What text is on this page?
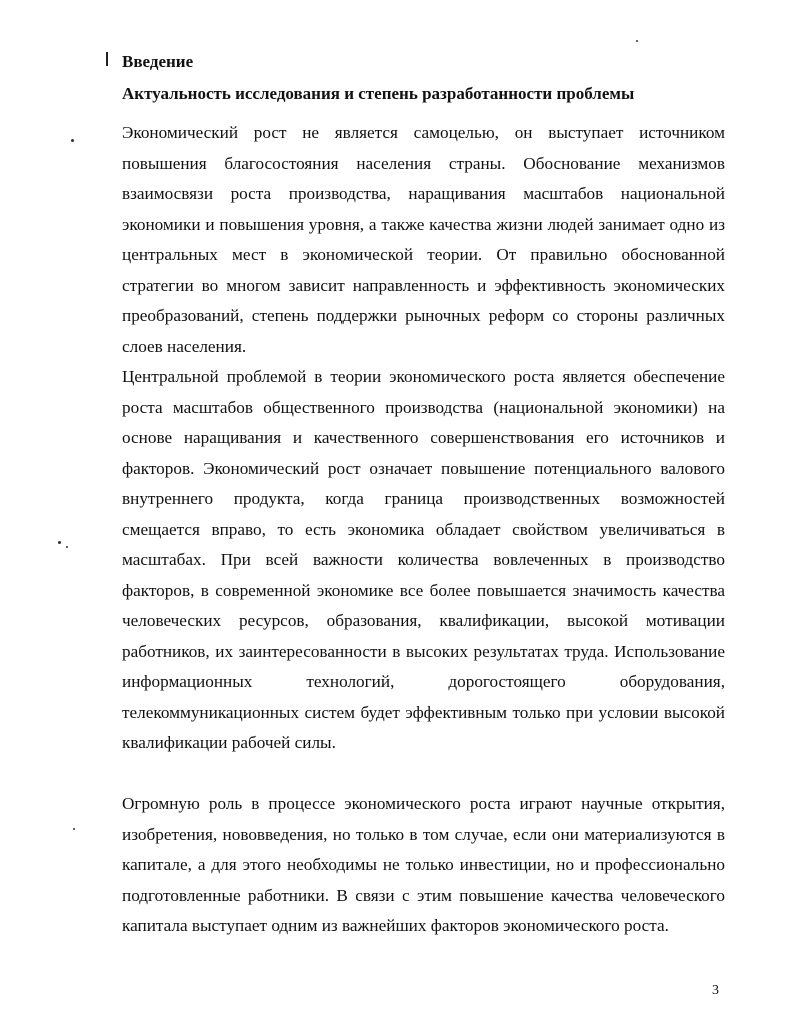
Введение
Актуальность исследования и степень разработанности проблемы
Экономический рост не является самоцелью, он выступает источником повышения благосостояния населения страны. Обоснование механизмов взаимосвязи роста производства, наращивания масштабов национальной экономики и повышения уровня, а также качества жизни людей занимает одно из центральных мест в экономической теории. От правильно обоснованной стратегии во многом зависит направленность и эффективность экономических преобразований, степень поддержки рыночных реформ со стороны различных слоев населения.
Центральной проблемой в теории экономического роста является обеспечение роста масштабов общественного производства (национальной экономики) на основе наращивания и качественного совершенствования его источников и факторов. Экономический рост означает повышение потенциального валового внутреннего продукта, когда граница производственных возможностей смещается вправо, то есть экономика обладает свойством увеличиваться в масштабах. При всей важности количества вовлеченных в производство факторов, в современной экономике все более повышается значимость качества человеческих ресурсов, образования, квалификации, высокой мотивации работников, их заинтересованности в высоких результатах труда. Использование информационных технологий, дорогостоящего оборудования, телекоммуникационных систем будет эффективным только при условии высокой квалификации рабочей силы.
Огромную роль в процессе экономического роста играют научные открытия, изобретения, нововведения, но только в том случае, если они материализуются в капитале, а для этого необходимы не только инвестиции, но и профессионально подготовленные работники. В связи с этим повышение качества человеческого капитала выступает одним из важнейших факторов экономического роста.
3
